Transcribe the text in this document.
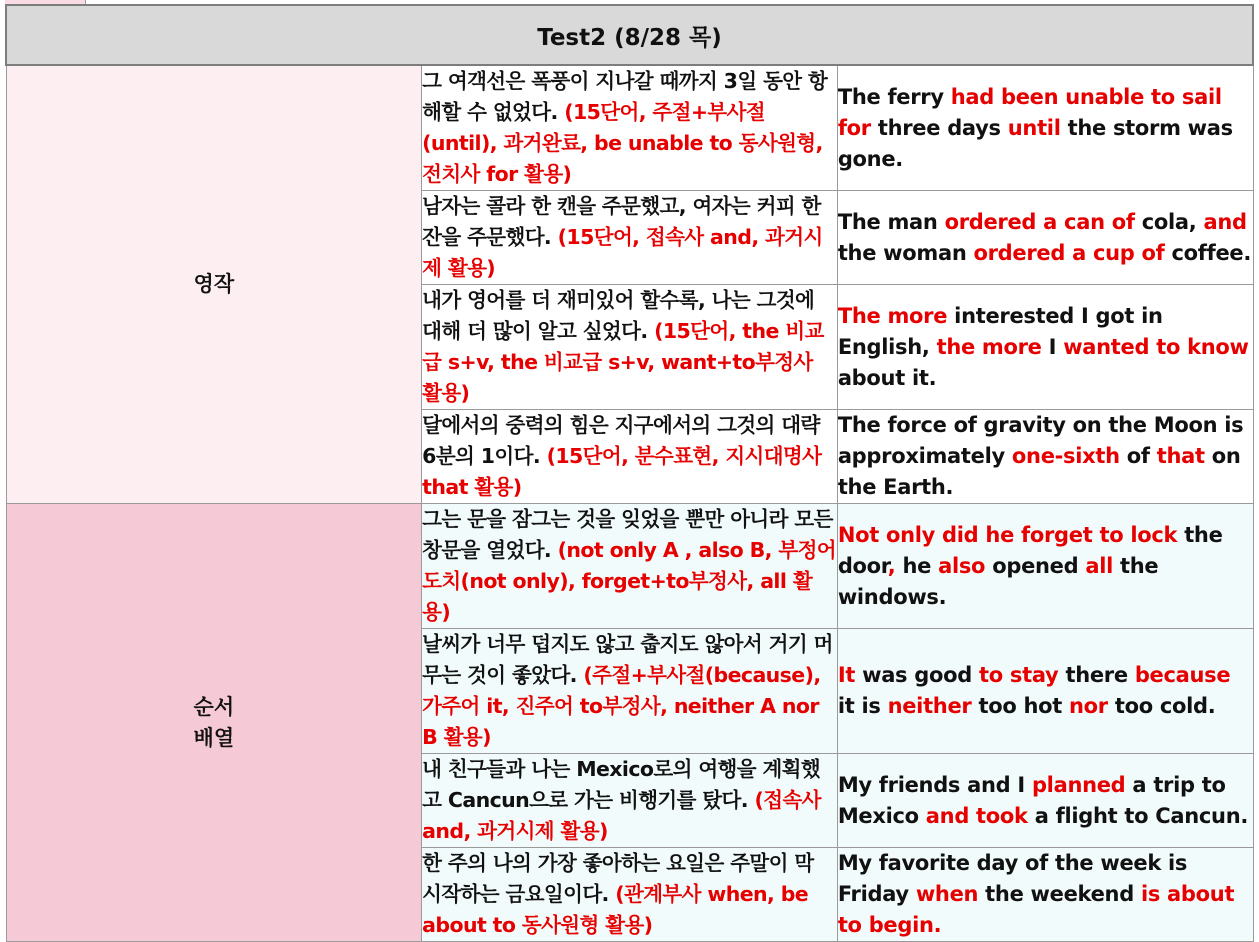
Test2 (8/28 목)		
영작	그 여객선은 폭풍이 지나갈 때까지 3일 동안 항해할 수 없었다. (15단어, 주절+부사절(until), 과거완료, be unable to 동사원형, 전치사 for 활용)	The ferry had been unable to sail for three days until the storm was gone.
	남자는 콜라 한 캔을 주문했고, 여자는 커피 한 잔을 주문했다. (15단어, 접속사 and, 과거시제 활용)	The man ordered a can of cola, and the woman ordered a cup of coffee.
	내가 영어를 더 재미있어 할수록, 나는 그것에 대해 더 많이 알고 싶었다. (15단어, the 비교급 s+v, the 비교급 s+v, want+to부정사 활용)	The more interested I got in English, the more I wanted to know about it.
	달에서의 중력의 힘은 지구에서의 그것의 대략 6분의 1이다. (15단어, 분수표현, 지시대명사 that 활용)	The force of gravity on the Moon is approximately one-sixth of that on the Earth.
순서
배열	그는 문을 잠그는 것을 잊었을 뿐만 아니라 모든 창문을 열었다. (not only A , also B, 부정어 도치(not only), forget+to부정사, all 활용)	Not only did he forget to lock the door, he also opened all the windows.
	날씨가 너무 덥지도 않고 춥지도 않아서 거기 머무는 것이 좋았다. (주절+부사절(because), 가주어 it, 진주어 to부정사, neither A nor B 활용)	It was good to stay there because it is neither too hot nor too cold.
	내 친구들과 나는 Mexico로의 여행을 계획했고 Cancun으로 가는 비행기를 탔다. (접속사 and, 과거시제 활용)	My friends and I planned a trip to Mexico and took a flight to Cancun.
	한 주의 나의 가장 좋아하는 요일은 주말이 막 시작하는 금요일이다. (관계부사 when, be about to 동사원형 활용)	My favorite day of the week is Friday when the weekend is about to begin.
